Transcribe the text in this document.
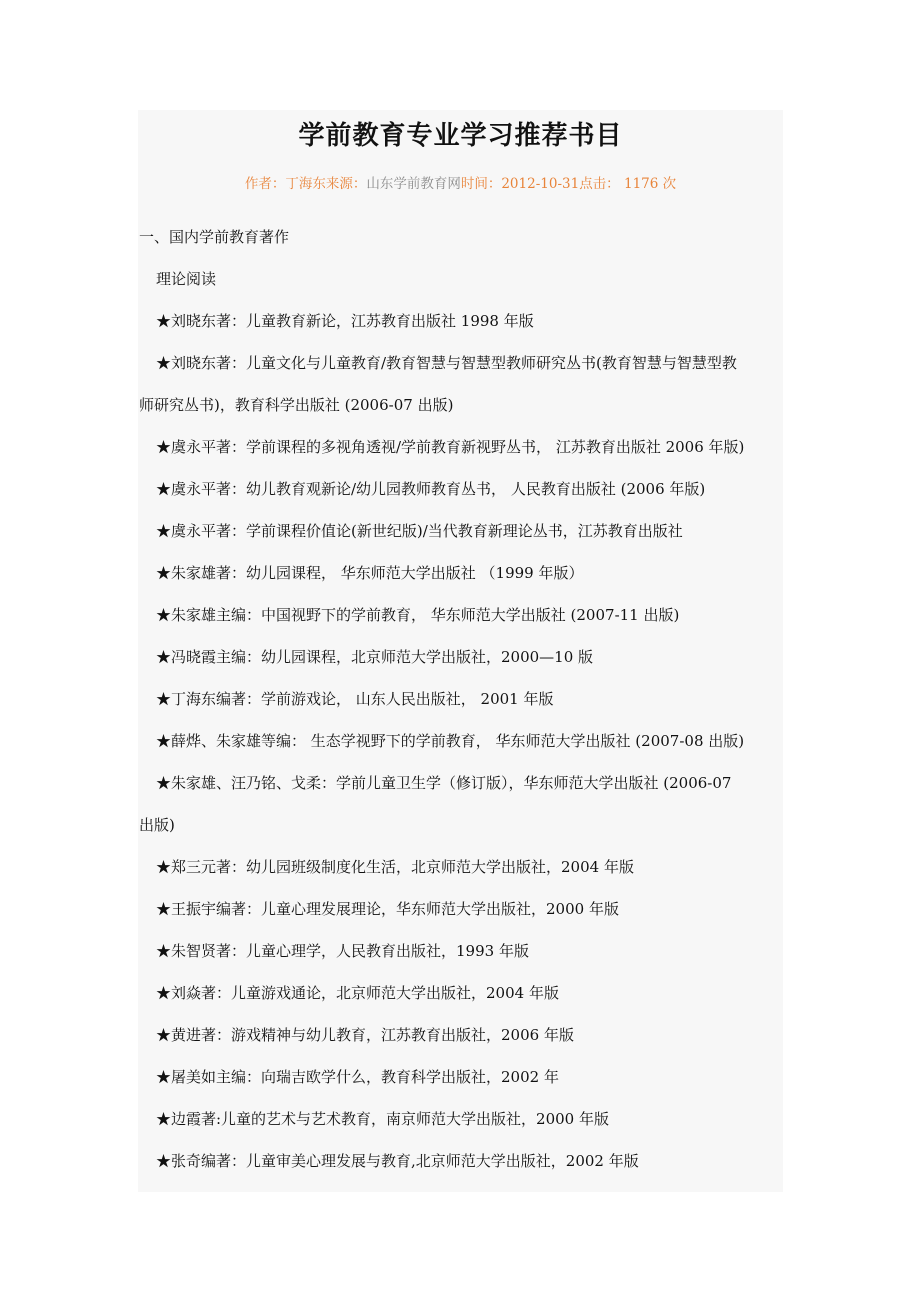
学前教育专业学习推荐书目
作者：丁海东来源：山东学前教育网时间：2012-10-31点击： 1176 次

一、国内学前教育著作

理论阅读

★刘晓东著：儿童教育新论，江苏教育出版社 1998 年版

★刘晓东著：儿童文化与儿童教育/教育智慧与智慧型教师研究丛书(教育智慧与智慧型教

师研究丛书)，教育科学出版社 (2006-07 出版)

★虞永平著：学前课程的多视角透视/学前教育新视野丛书， 江苏教育出版社 2006 年版)

★虞永平著：幼儿教育观新论/幼儿园教师教育丛书， 人民教育出版社 (2006 年版)

★虞永平著：学前课程价值论(新世纪版)/当代教育新理论丛书，江苏教育出版社

★朱家雄著：幼儿园课程， 华东师范大学出版社 （1999 年版）

★朱家雄主编：中国视野下的学前教育， 华东师范大学出版社 (2007-11 出版)

★冯晓霞主编：幼儿园课程，北京师范大学出版社，2000—10 版

★丁海东编著：学前游戏论， 山东人民出版社， 2001 年版

★薛烨、朱家雄等编： 生态学视野下的学前教育， 华东师范大学出版社 (2007-08 出版)

★朱家雄、汪乃铭、戈柔：学前儿童卫生学（修订版），华东师范大学出版社 (2006-07

出版)

★郑三元著：幼儿园班级制度化生活，北京师范大学出版社，2004 年版

★王振宇编著：儿童心理发展理论，华东师范大学出版社，2000 年版

★朱智贤著：儿童心理学，人民教育出版社，1993 年版

★刘焱著：儿童游戏通论，北京师范大学出版社，2004 年版

★黄进著：游戏精神与幼儿教育，江苏教育出版社，2006 年版

★屠美如主编：向瑞吉欧学什么，教育科学出版社，2002 年

★边霞著:儿童的艺术与艺术教育，南京师范大学出版社，2000 年版

★张奇编著：儿童审美心理发展与教育,北京师范大学出版社，2002 年版
